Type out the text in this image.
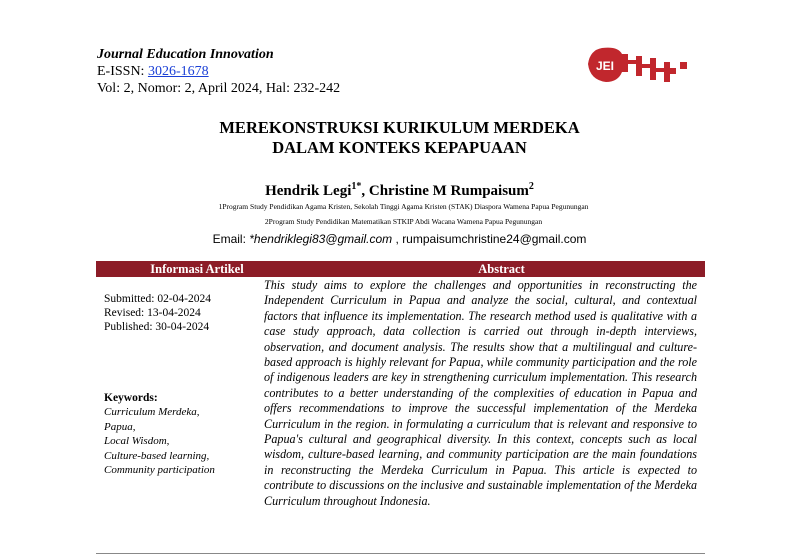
Journal Education Innovation
E-ISSN: 3026-1678
Vol: 2, Nomor: 2, April 2024, Hal: 232-242
JEI
MEREKONSTRUKSI KURIKULUM MERDEKA
DALAM KONTEKS KEPAPUAAN
Hendrik Legi$^{1*}$, Christine M Rumpaisum$^2$
1Program Study Pendidikan Agama Kristen, Sekolah Tinggi Agama Kristen (STAK) Diaspora Wamena Papua Pegunungan
2Program Study Pendidikan Matematikan STKIP Abdi Wacana Wamena Papua Pegunungan
Email: *hendriklegi83@gmail.com , rumpaisumchristine24@gmail.com
Informasi Artikel	Abstract
Submitted: 02-04-2024
Revised: 13-04-2024
Published: 30-04-2024
Keywords:
Curriculum Merdeka,
Papua,
Local Wisdom,
Culture-based learning,
Community participation
This study aims to explore the challenges and opportunities in reconstructing the Independent Curriculum in Papua and analyze the social, cultural, and contextual factors that influence its implementation. The research method used is qualitative with a case study approach, data collection is carried out through in-depth interviews, observation, and document analysis. The results show that a multilingual and culture-based approach is highly relevant for Papua, while community participation and the role of indigenous leaders are key in strengthening curriculum implementation. This research contributes to a better understanding of the complexities of education in Papua and offers recommendations to improve the successful implementation of the Merdeka Curriculum in the region. in formulating a curriculum that is relevant and responsive to Papua's cultural and geographical diversity. In this context, concepts such as local wisdom, culture-based learning, and community participation are the main foundations in reconstructing the Merdeka Curriculum in Papua. This article is expected to contribute to discussions on the inclusive and sustainable implementation of the Merdeka Curriculum throughout Indonesia.
